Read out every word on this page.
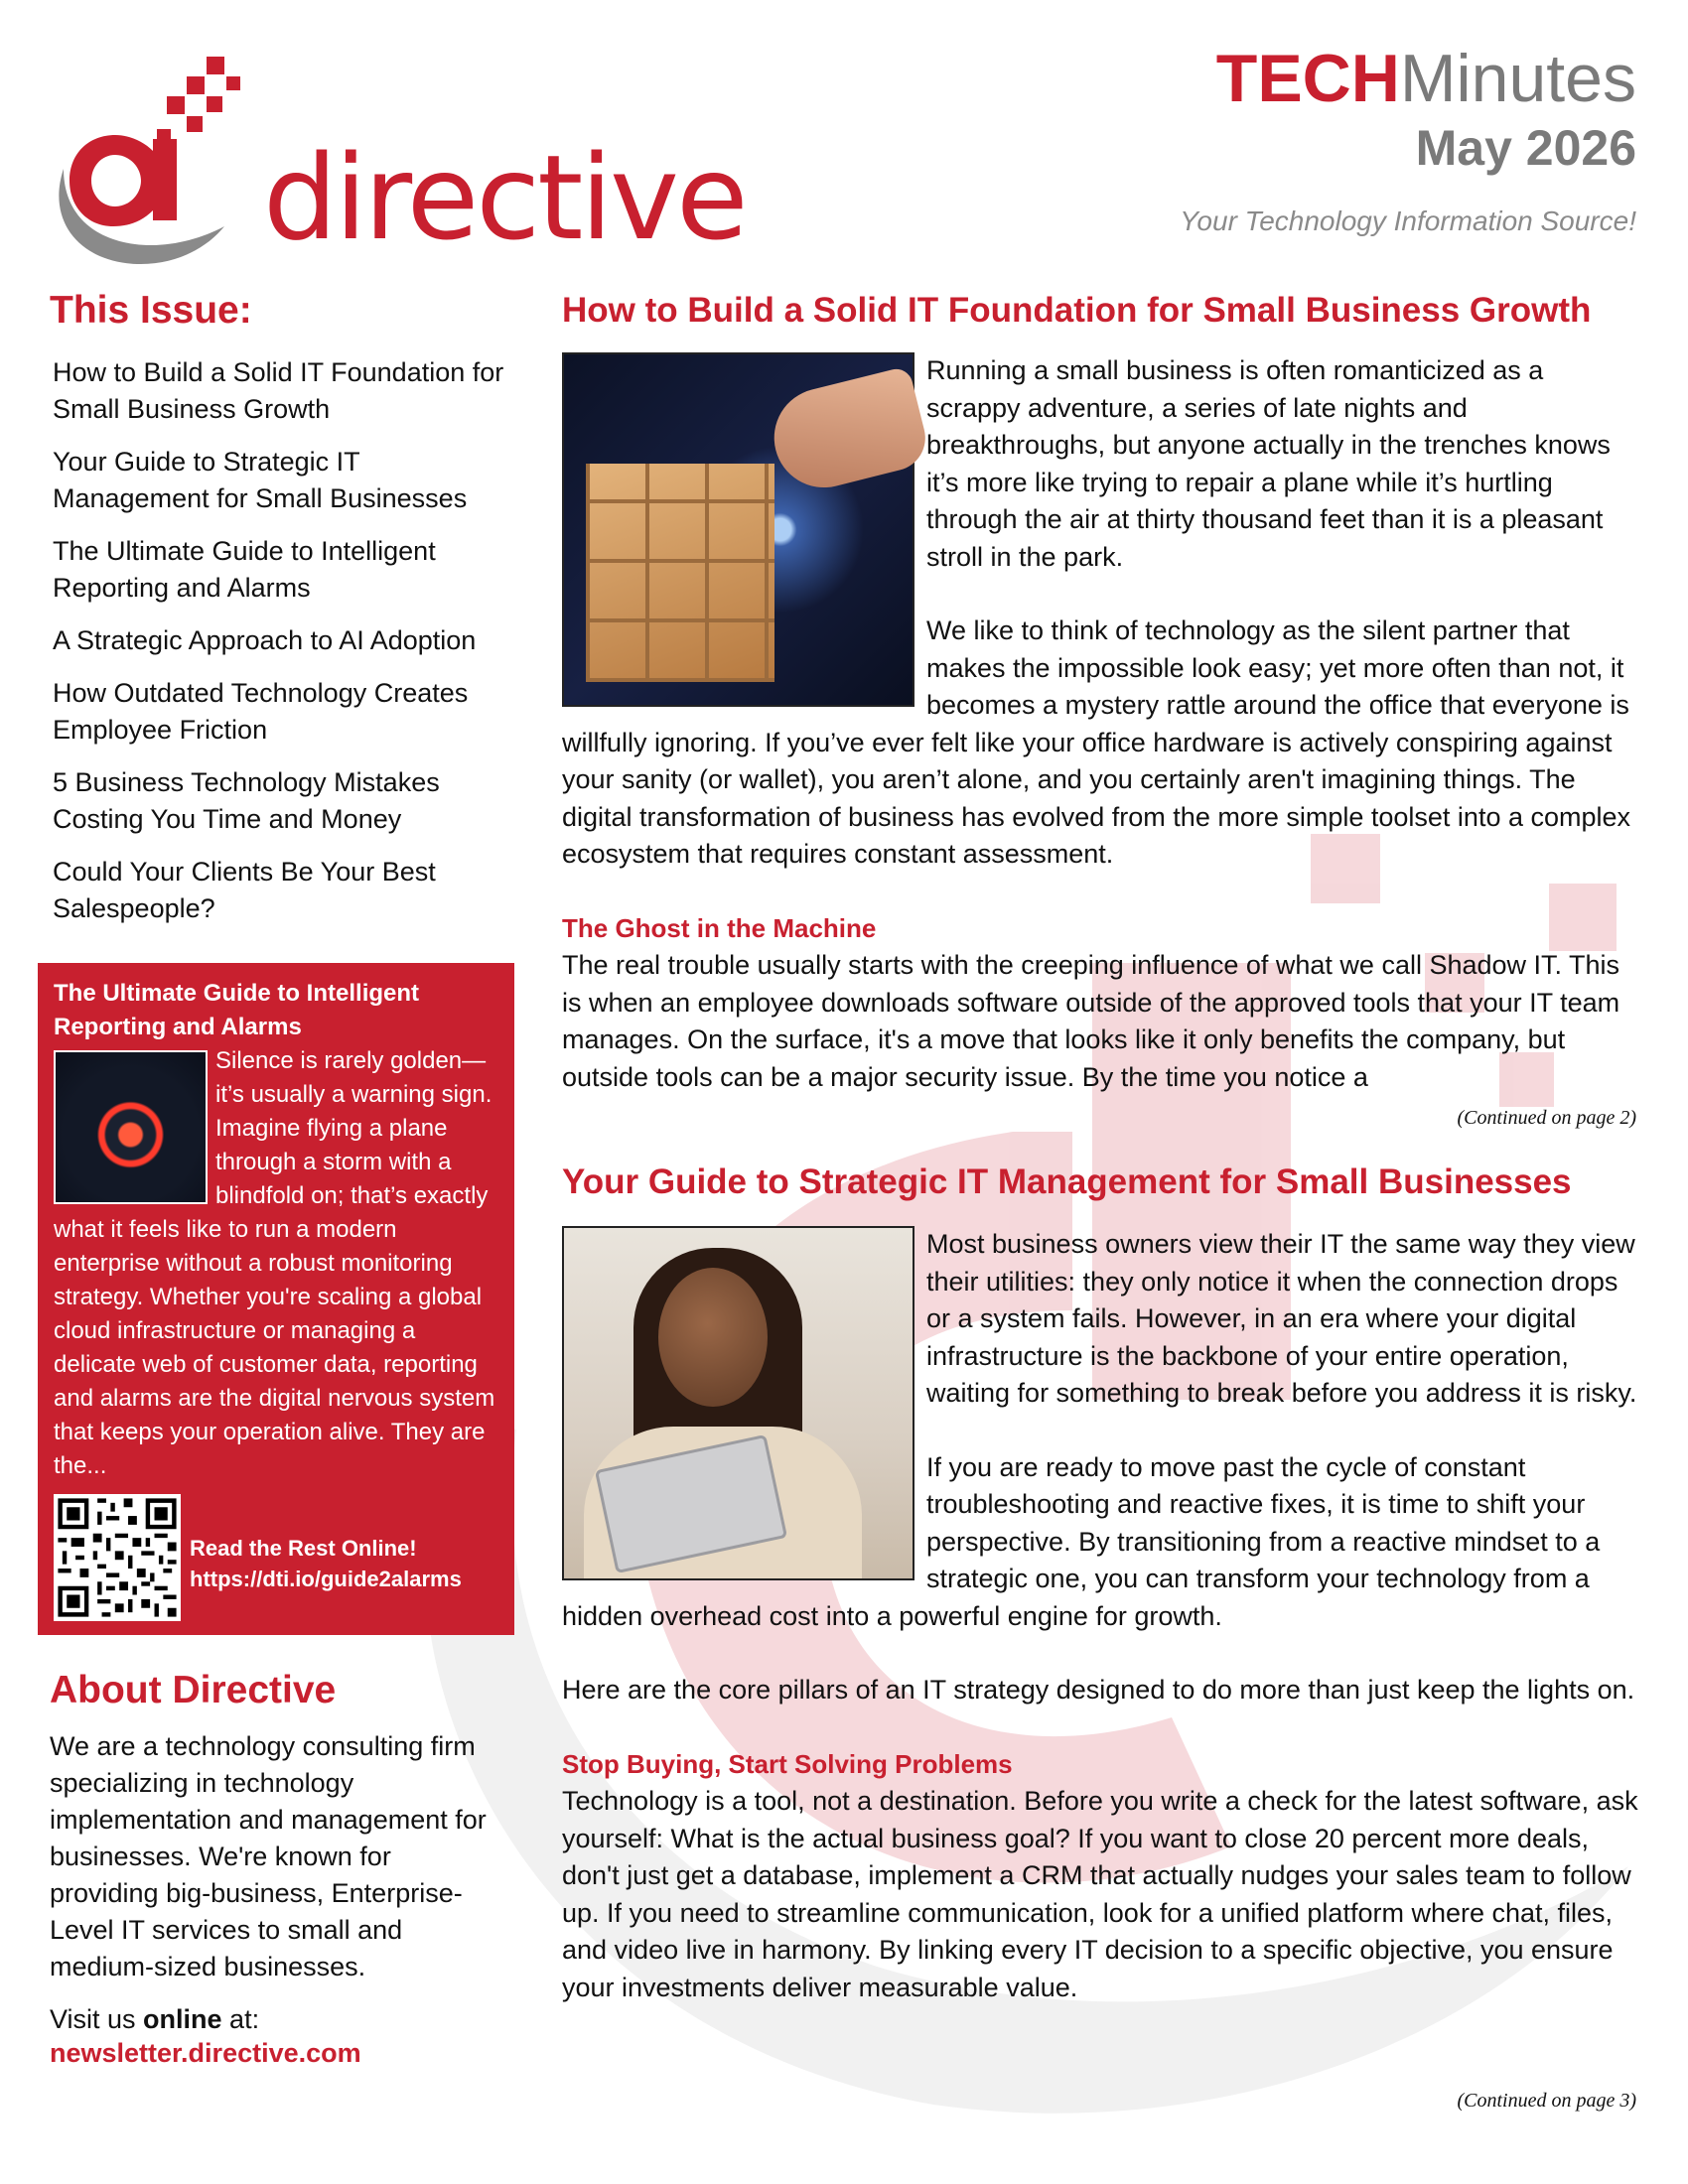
directive
TECHMinutes
May 2026
Your Technology Information Source!
This Issue:
How to Build a Solid IT Foundation for Small Business Growth
Your Guide to Strategic IT Management for Small Businesses
The Ultimate Guide to Intelligent Reporting and Alarms
A Strategic Approach to AI Adoption
How Outdated Technology Creates Employee Friction
5 Business Technology Mistakes Costing You Time and Money
Could Your Clients Be Your Best Salespeople?
The Ultimate Guide to Intelligent Reporting and Alarms
Silence is rarely golden—it’s usually a warning sign. Imagine flying a plane through a storm with a blindfold on; that’s exactly what it feels like to run a modern enterprise without a robust monitoring strategy. Whether you're scaling a global cloud infrastructure or managing a delicate web of customer data, reporting and alarms are the digital nervous system that keeps your operation alive. They are the...
Read the Rest Online!
https://dti.io/guide2alarms
About Directive

We are a technology consulting firm specializing in technology implementation and management for businesses. We're known for providing big-business, Enterprise-Level IT services to small and medium-sized businesses.

Visit us online at:

newsletter.directive.com
How to Build a Solid IT Foundation for Small Business Growth

Running a small business is often romanticized as a scrappy adventure, a series of late nights and breakthroughs, but anyone actually in the trenches knows it’s more like trying to repair a plane while it’s hurtling through the air at thirty thousand feet than it is a pleasant stroll in the park.

We like to think of technology as the silent partner that makes the impossible look easy; yet more often than not, it becomes a mystery rattle around the office that everyone is willfully ignoring. If you’ve ever felt like your office hardware is actively conspiring against your sanity (or wallet), you aren’t alone, and you certainly aren't imagining things. The digital transformation of business has evolved from the more simple toolset into a complex ecosystem that requires constant assessment.

The Ghost in the Machine

The real trouble usually starts with the creeping influence of what we call Shadow IT. This is when an employee downloads software outside of the approved tools that your IT team manages. On the surface, it's a move that looks like it only benefits the company, but outside tools can be a major security issue. By the time you notice a

(Continued on page 2)
Your Guide to Strategic IT Management for Small Businesses

Most business owners view their IT the same way they view their utilities: they only notice it when the connection drops or a system fails. However, in an era where your digital infrastructure is the backbone of your entire operation, waiting for something to break before you address it is risky.

If you are ready to move past the cycle of constant troubleshooting and reactive fixes, it is time to shift your perspective. By transitioning from a reactive mindset to a strategic one, you can transform your technology from a hidden overhead cost into a powerful engine for growth.

Here are the core pillars of an IT strategy designed to do more than just keep the lights on.

Stop Buying, Start Solving Problems

Technology is a tool, not a destination. Before you write a check for the latest software, ask yourself: What is the actual business goal? If you want to close 20 percent more deals, don't just get a database, implement a CRM that actually nudges your sales team to follow up. If you need to streamline communication, look for a unified platform where chat, files, and video live in harmony. By linking every IT decision to a specific objective, you ensure your investments deliver measurable value.

(Continued on page 3)
